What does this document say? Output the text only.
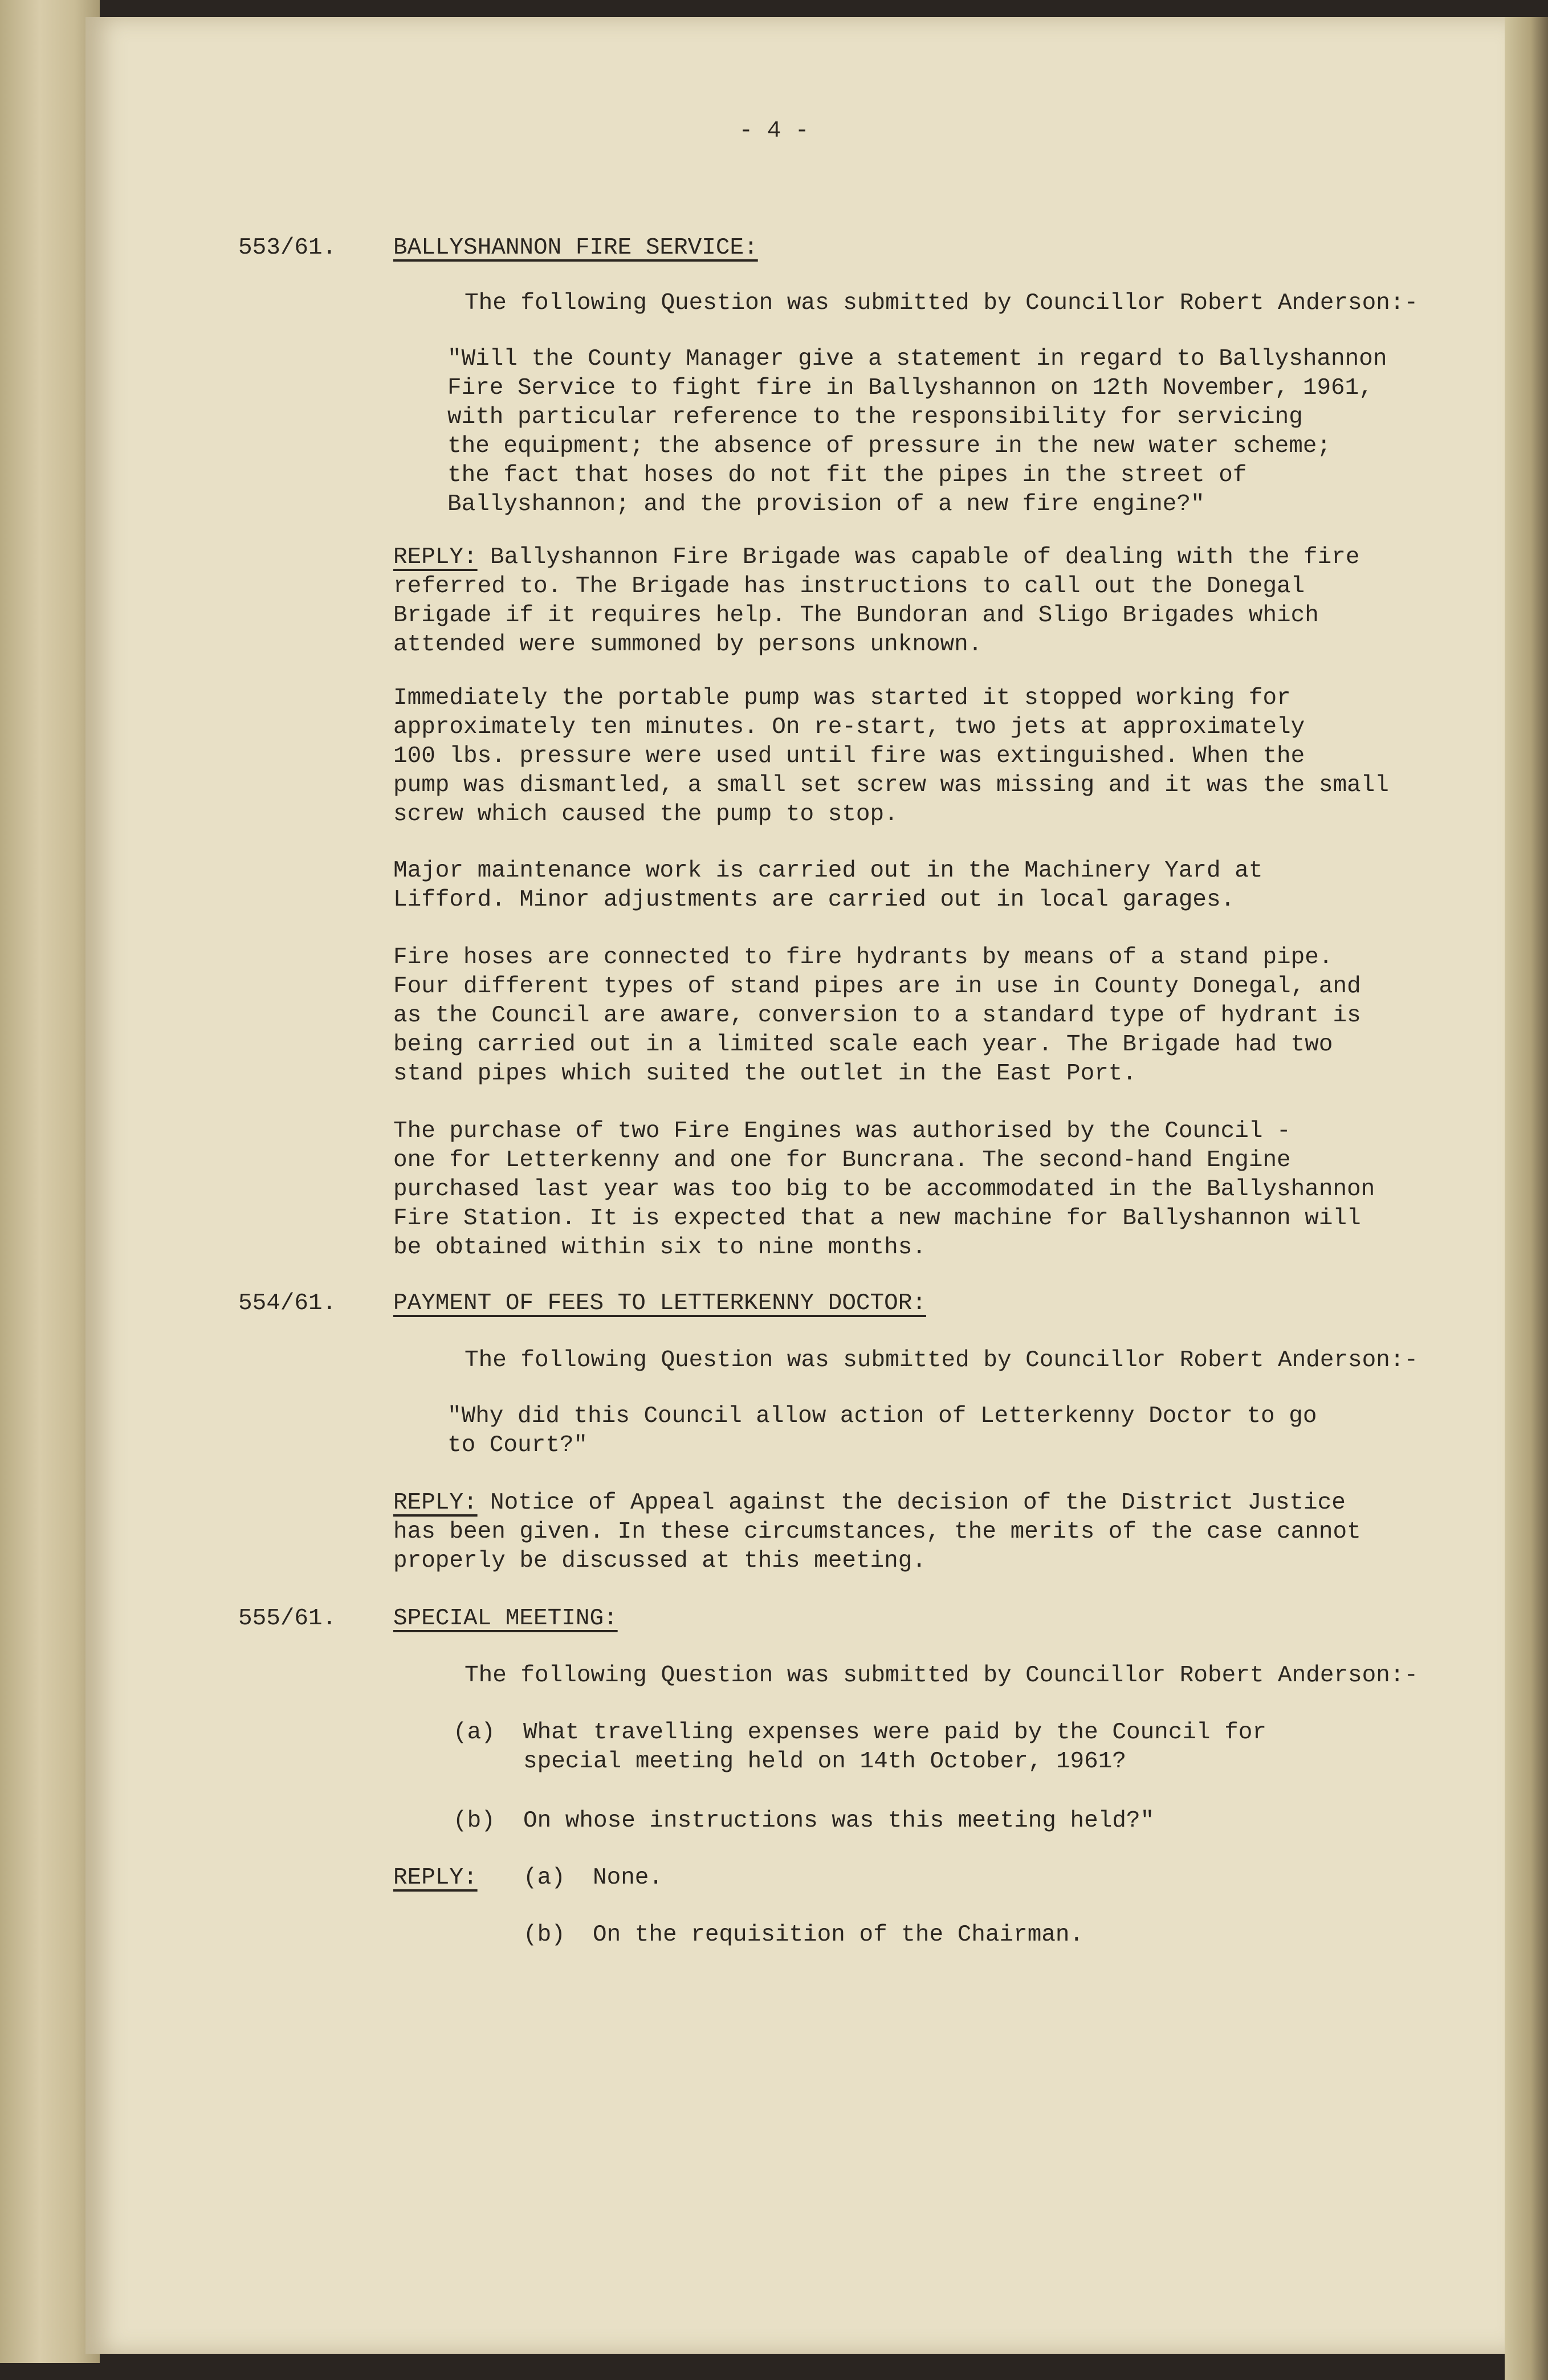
- 4 -
553/61. BALLYSHANNON FIRE SERVICE:
The following Question was submitted by Councillor Robert Anderson:-
"Will the County Manager give a statement in regard to Ballyshannon
Fire Service to fight fire in Ballyshannon on 12th November, 1961,
with particular reference to the responsibility for servicing
the equipment; the absence of pressure in the new water scheme;
the fact that hoses do not fit the pipes in the street of
Ballyshannon; and the provision of a new fire engine?"
REPLY: Ballyshannon Fire Brigade was capable of dealing with the fire
referred to. The Brigade has instructions to call out the Donegal
Brigade if it requires help. The Bundoran and Sligo Brigades which
attended were summoned by persons unknown.
Immediately the portable pump was started it stopped working for
approximately ten minutes. On re-start, two jets at approximately
100 lbs. pressure were used until fire was extinguished. When the
pump was dismantled, a small set screw was missing and it was the small
screw which caused the pump to stop.
Major maintenance work is carried out in the Machinery Yard at
Lifford. Minor adjustments are carried out in local garages.
Fire hoses are connected to fire hydrants by means of a stand pipe.
Four different types of stand pipes are in use in County Donegal, and
as the Council are aware, conversion to a standard type of hydrant is
being carried out in a limited scale each year. The Brigade had two
stand pipes which suited the outlet in the East Port.
The purchase of two Fire Engines was authorised by the Council -
one for Letterkenny and one for Buncrana. The second-hand Engine
purchased last year was too big to be accommodated in the Ballyshannon
Fire Station. It is expected that a new machine for Ballyshannon will
be obtained within six to nine months.
554/61. PAYMENT OF FEES TO LETTERKENNY DOCTOR:
The following Question was submitted by Councillor Robert Anderson:-
"Why did this Council allow action of Letterkenny Doctor to go
to Court?"
REPLY: Notice of Appeal against the decision of the District Justice
has been given. In these circumstances, the merits of the case cannot
properly be discussed at this meeting.
555/61. SPECIAL MEETING:
The following Question was submitted by Councillor Robert Anderson:-
(a) What travelling expenses were paid by the Council for
special meeting held on 14th October, 1961?
(b) On whose instructions was this meeting held?"
REPLY: (a) None.
(b) On the requisition of the Chairman.
